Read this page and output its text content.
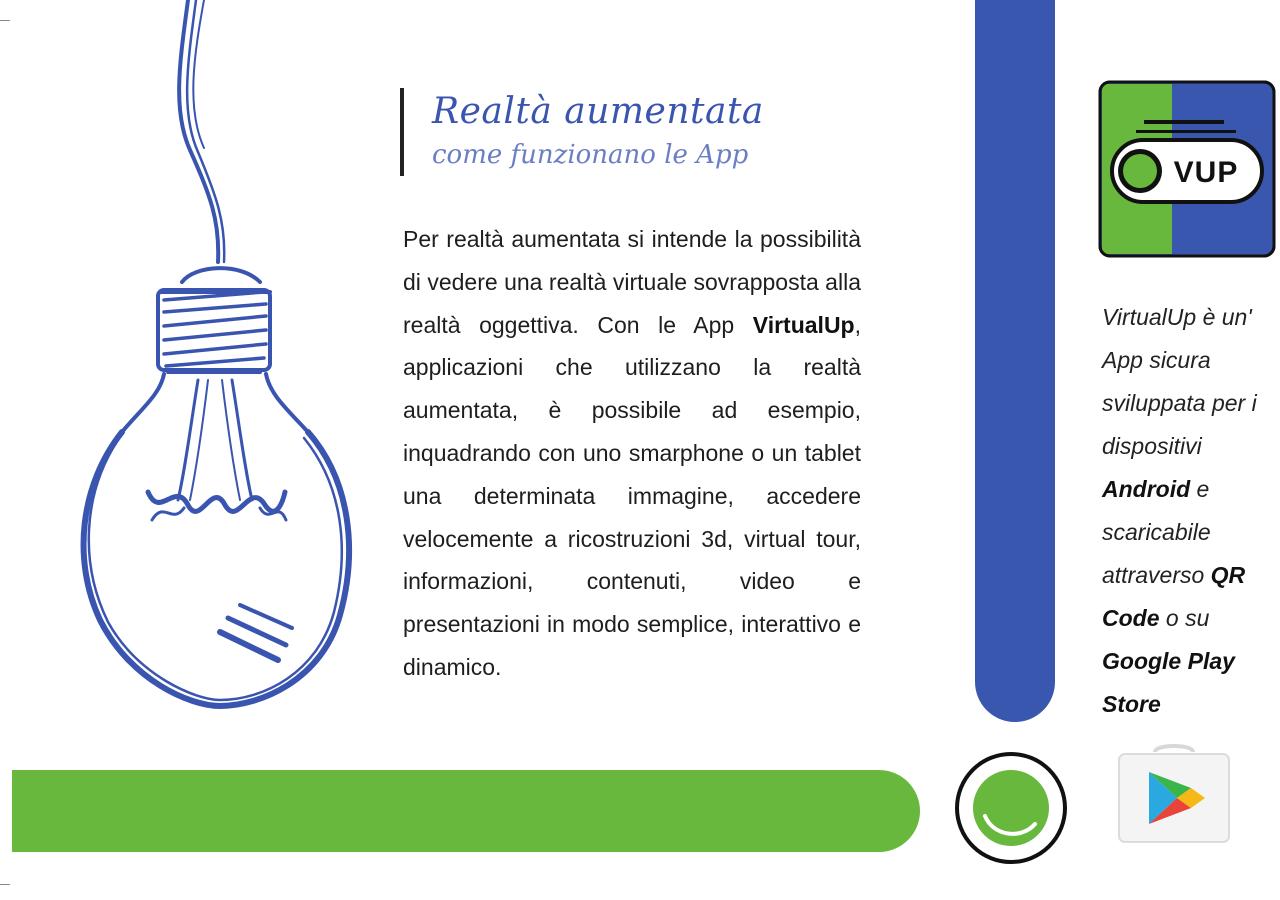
Realtà aumentata
come funzionano le App
Per realtà aumentata si intende la possibilità di vedere una realtà virtuale sovrapposta alla realtà oggettiva. Con le App VirtualUp, applicazioni che utilizzano la realtà aumentata, è possibile ad esempio, inquadrando con uno smarphone o un tablet una determinata immagine, accedere velocemente a ricostruzioni 3d, virtual tour, informazioni, contenuti, video e presentazioni in modo semplice, interattivo e dinamico.
VUP
VirtualUp è un' App sicura sviluppata per i dispositivi Android e scaricabile attraverso QR Code o su Google Play Store
